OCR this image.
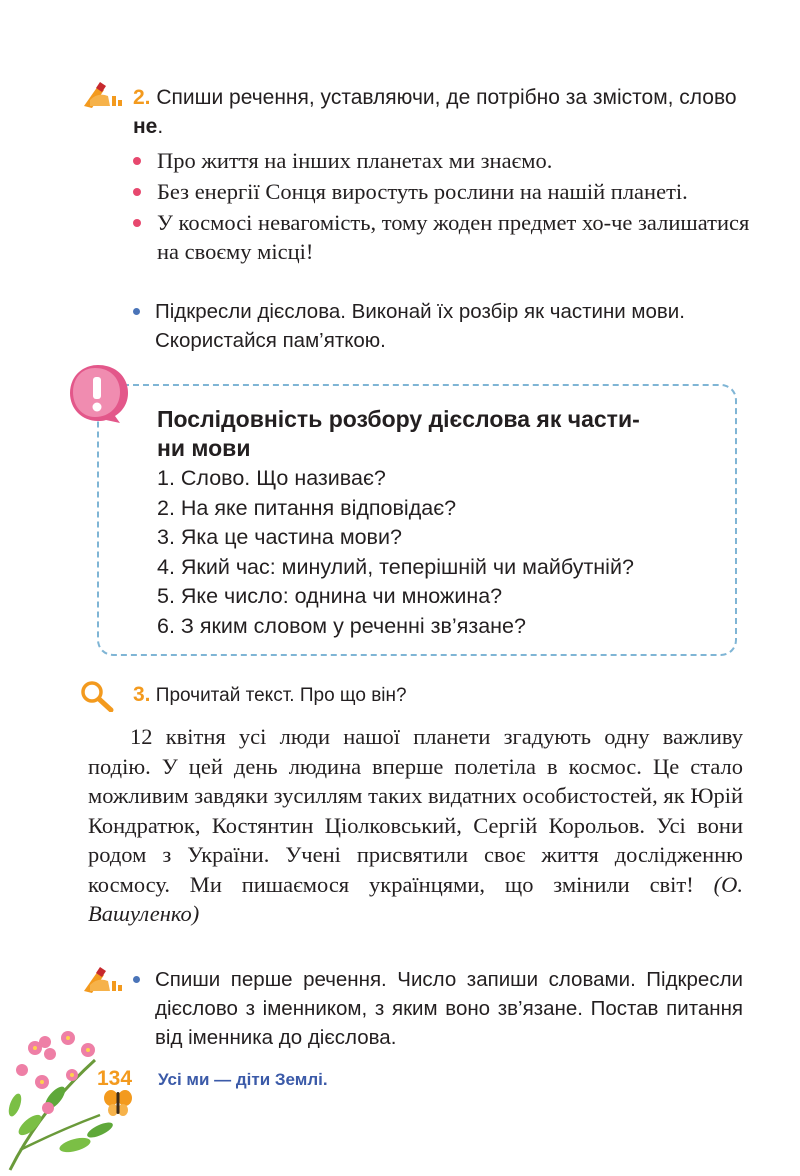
2. Спиши речення, уставляючи, де потрібно за змістом, слово не.
Про життя на інших планетах ми знаємо.
Без енергії Сонця виростуть рослини на нашій планеті.
У космосі невагомість, тому жоден предмет хо-че залишатися на своєму місці!
Підкресли дієслова. Виконай їх розбір як частини мови. Скористайся пам’яткою.
Послідовність розбору дієслова як части-
ни мови
1. Слово. Що називає?
2. На яке питання відповідає?
3. Яка це частина мови?
4. Який час: минулий, теперішній чи майбутній?
5. Яке число: однина чи множина?
6. З яким словом у реченні зв’язане?
3. Прочитай текст. Про що він?
12 квітня усі люди нашої планети згадують одну важливу подію. У цей день людина вперше полетіла в космос. Це стало можливим завдяки зусиллям таких видатних особистостей, як Юрій Кондратюк, Костянтин Ціолковський, Сергій Корольов. Усі вони родом з України. Учені присвятили своє життя дослідженню космосу. Ми пишаємося українцями, що змінили світ! (О. Вашуленко)
Спиши перше речення. Число запиши словами. Підкресли дієслово з іменником, з яким воно зв’язане. Постав питання від іменника до дієслова.
134 Усі ми — діти Землі.
